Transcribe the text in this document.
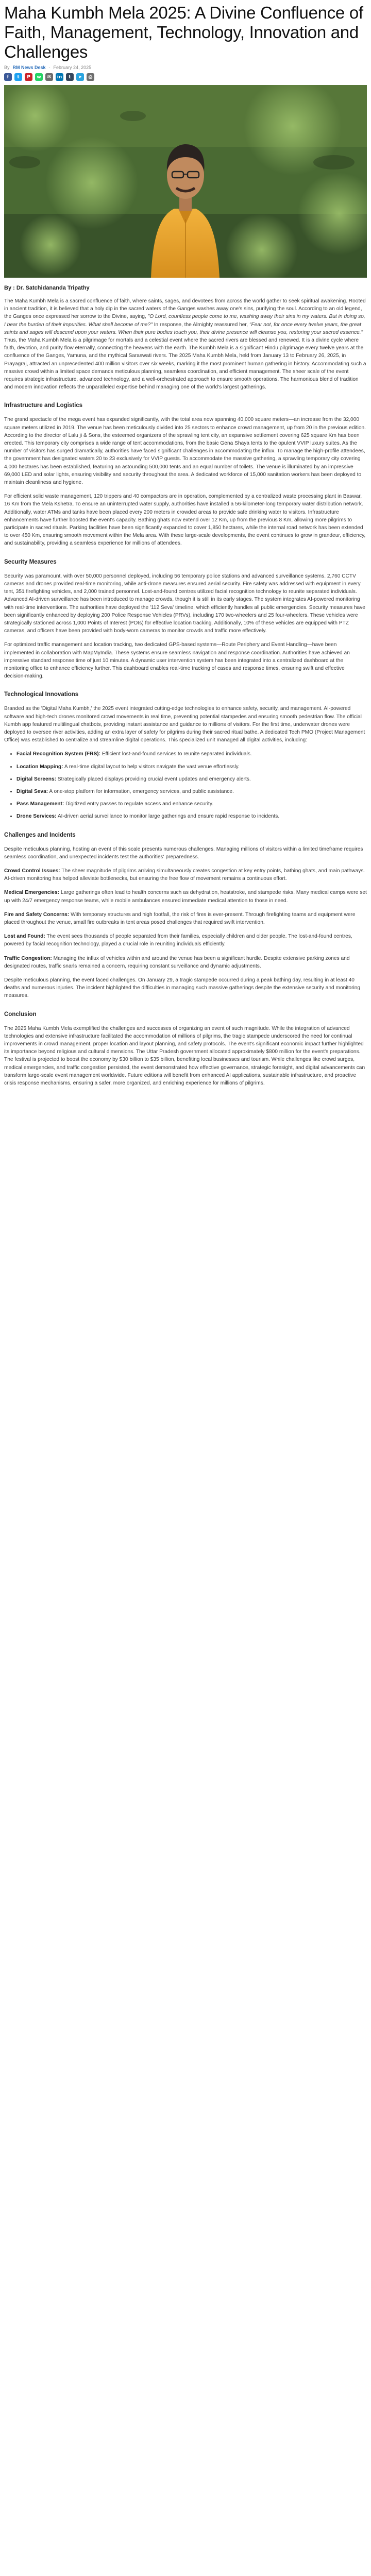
Maha Kumbh Mela 2025: A Divine Confluence of Faith, Management, Technology, Innovation and Challenges
By RM News Desk - February 24, 2025
f t P w ✉ in t ➤ ⎙
By : Dr. Satchidananda Tripathy

The Maha Kumbh Mela is a sacred confluence of faith, where saints, sages, and devotees from across the world gather to seek spiritual awakening. Rooted in ancient tradition, it is believed that a holy dip in the sacred waters of the Ganges washes away one's sins, purifying the soul. According to an old legend, the Ganges once expressed her sorrow to the Divine, saying, "O Lord, countless people come to me, washing away their sins in my waters. But in doing so, I bear the burden of their impurities. What shall become of me?" In response, the Almighty reassured her, "Fear not, for once every twelve years, the great saints and sages will descend upon your waters. When their pure bodies touch you, their divine presence will cleanse you, restoring your sacred essence." Thus, the Maha Kumbh Mela is a pilgrimage for mortals and a celestial event where the sacred rivers are blessed and renewed. It is a divine cycle where faith, devotion, and purity flow eternally, connecting the heavens with the earth. The Kumbh Mela is a significant Hindu pilgrimage every twelve years at the confluence of the Ganges, Yamuna, and the mythical Saraswati rivers. The 2025 Maha Kumbh Mela, held from January 13 to February 26, 2025, in Prayagraj, attracted an unprecedented 400 million visitors over six weeks, marking it the most prominent human gathering in history. Accommodating such a massive crowd within a limited space demands meticulous planning, seamless coordination, and efficient management. The sheer scale of the event requires strategic infrastructure, advanced technology, and a well-orchestrated approach to ensure smooth operations. The harmonious blend of tradition and modern innovation reflects the unparalleled expertise behind managing one of the world's largest gatherings.

Infrastructure and Logistics

The grand spectacle of the mega event has expanded significantly, with the total area now spanning 40,000 square meters—an increase from the 32,000 square meters utilized in 2019. The venue has been meticulously divided into 25 sectors to enhance crowd management, up from 20 in the previous edition. According to the director of Lalu ji & Sons, the esteemed organizers of the sprawling tent city, an expansive settlement covering 625 square Km has been erected. This temporary city comprises a wide range of tent accommodations, from the basic Gena Shaya tents to the opulent VVIP luxury suites. As the number of visitors has surged dramatically, authorities have faced significant challenges in accommodating the influx. To manage the high-profile attendees, the government has designated waters 20 to 23 exclusively for VVIP guests. To accommodate the massive gathering, a sprawling temporary city covering 4,000 hectares has been established, featuring an astounding 500,000 tents and an equal number of toilets. The venue is illuminated by an impressive 69,000 LED and solar lights, ensuring visibility and security throughout the area. A dedicated workforce of 15,000 sanitation workers has been deployed to maintain cleanliness and hygiene.

For efficient solid waste management, 120 trippers and 40 compactors are in operation, complemented by a centralized waste processing plant in Baswar, 16 Km from the Mela Kshetra. To ensure an uninterrupted water supply, authorities have installed a 56-kilometer-long temporary water distribution network. Additionally, water ATMs and tanks have been placed every 200 meters in crowded areas to provide safe drinking water to visitors. Infrastructure enhancements have further boosted the event's capacity. Bathing ghats now extend over 12 Km, up from the previous 8 Km, allowing more pilgrims to participate in sacred rituals. Parking facilities have been significantly expanded to cover 1,850 hectares, while the internal road network has been extended to over 450 Km, ensuring smooth movement within the Mela area. With these large-scale developments, the event continues to grow in grandeur, efficiency, and sustainability, providing a seamless experience for millions of attendees.

Security Measures

Security was paramount, with over 50,000 personnel deployed, including 56 temporary police stations and advanced surveillance systems. 2,760 CCTV cameras and drones provided real-time monitoring, while anti-drone measures ensured aerial security. Fire safety was addressed with equipment in every tent, 351 firefighting vehicles, and 2,000 trained personnel. Lost-and-found centres utilized facial recognition technology to reunite separated individuals. Advanced AI-driven surveillance has been introduced to manage crowds, though it is still in its early stages. The system integrates AI-powered monitoring with real-time interventions. The authorities have deployed the '112 Seva' timeline, which efficiently handles all public emergencies. Security measures have been significantly enhanced by deploying 200 Police Response Vehicles (PRVs), including 170 two-wheelers and 25 four-wheelers. These vehicles were strategically stationed across 1,000 Points of Interest (POIs) for effective location tracking. Additionally, 10% of these vehicles are equipped with PTZ cameras, and officers have been provided with body-worn cameras to monitor crowds and traffic more effectively.

For optimized traffic management and location tracking, two dedicated GPS-based systems—Route Periphery and Event Handling—have been implemented in collaboration with MapMyIndia. These systems ensure seamless navigation and response coordination. Authorities have achieved an impressive standard response time of just 10 minutes. A dynamic user intervention system has been integrated into a centralized dashboard at the monitoring office to enhance efficiency further. This dashboard enables real-time tracking of cases and response times, ensuring swift and effective decision-making.

Technological Innovations

Branded as the 'Digital Maha Kumbh,' the 2025 event integrated cutting-edge technologies to enhance safety, security, and management. AI-powered software and high-tech drones monitored crowd movements in real time, preventing potential stampedes and ensuring smooth pedestrian flow. The official Kumbh app featured multilingual chatbots, providing instant assistance and guidance to millions of visitors. For the first time, underwater drones were deployed to oversee river activities, adding an extra layer of safety for pilgrims during their sacred ritual bathe. A dedicated Tech PMO (Project Management Office) was established to centralize and streamline digital operations. This specialized unit managed all digital activities, including:

• Facial Recognition System (FRS): Efficient lost-and-found services to reunite separated individuals.
• Location Mapping: A real-time digital layout to help visitors navigate the vast venue effortlessly.
• Digital Screens: Strategically placed displays providing crucial event updates and emergency alerts.
• Digital Seva: A one-stop platform for information, emergency services, and public assistance.
• Pass Management: Digitized entry passes to regulate access and enhance security.
• Drone Services: AI-driven aerial surveillance to monitor large gatherings and ensure rapid response to incidents.
Challenges and Incidents

Despite meticulous planning, hosting an event of this scale presents numerous challenges. Managing millions of visitors within a limited timeframe requires seamless coordination, and unexpected incidents test the authorities' preparedness.

Crowd Control Issues: The sheer magnitude of pilgrims arriving simultaneously creates congestion at key entry points, bathing ghats, and main pathways. AI-driven monitoring has helped alleviate bottlenecks, but ensuring the free flow of movement remains a continuous effort.

Medical Emergencies: Large gatherings often lead to health concerns such as dehydration, heatstroke, and stampede risks. Many medical camps were set up with 24/7 emergency response teams, while mobile ambulances ensured immediate medical attention to those in need.

Fire and Safety Concerns: With temporary structures and high footfall, the risk of fires is ever-present. Through firefighting teams and equipment were placed throughout the venue, small fire outbreaks in tent areas posed challenges that required swift intervention.

Lost and Found: The event sees thousands of people separated from their families, especially children and older people. The lost-and-found centres, powered by facial recognition technology, played a crucial role in reuniting individuals efficiently.

Traffic Congestion: Managing the influx of vehicles within and around the venue has been a significant hurdle. Despite extensive parking zones and designated routes, traffic snarls remained a concern, requiring constant surveillance and dynamic adjustments.

Despite meticulous planning, the event faced challenges. On January 29, a tragic stampede occurred during a peak bathing day, resulting in at least 40 deaths and numerous injuries. The incident highlighted the difficulties in managing such massive gatherings despite the extensive security and monitoring measures.

Conclusion

The 2025 Maha Kumbh Mela exemplified the challenges and successes of organizing an event of such magnitude. While the integration of advanced technologies and extensive infrastructure facilitated the accommodation of millions of pilgrims, the tragic stampede underscored the need for continual improvements in crowd management, proper location and layout planning, and safety protocols. The event's significant economic impact further highlighted its importance beyond religious and cultural dimensions. The Uttar Pradesh government allocated approximately $800 million for the event's preparations. The festival is projected to boost the economy by $30 billion to $35 billion, benefiting local businesses and tourism. While challenges like crowd surges, medical emergencies, and traffic congestion persisted, the event demonstrated how effective governance, strategic foresight, and digital advancements can transform large-scale event management worldwide. Future editions will benefit from enhanced AI applications, sustainable infrastructure, and proactive crisis response mechanisms, ensuring a safer, more organized, and enriching experience for millions of pilgrims.
